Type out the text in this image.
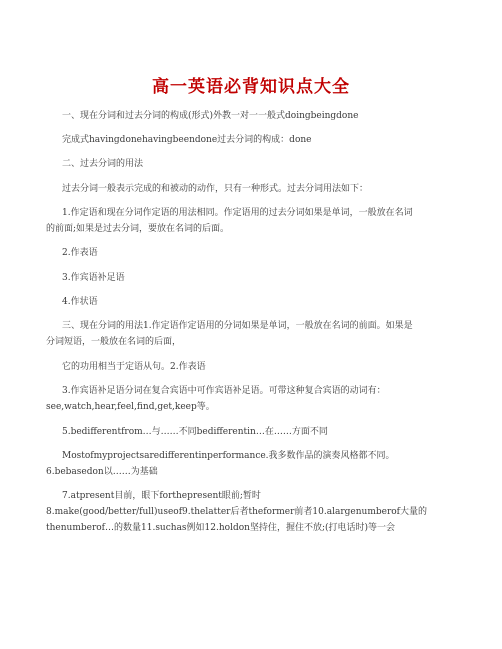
高一英语必背知识点大全

一、现在分词和过去分词的构成(形式)外教一对一一般式doingbeingdone

完成式havingdonehavingbeendone过去分词的构成：done

二、过去分词的用法

过去分词一般表示完成的和被动的动作，只有一种形式。过去分词用法如下：

1.作定语和现在分词作定语的用法相同。作定语用的过去分词如果是单词，一般放在名词

的前面;如果是过去分词，要放在名词的后面。

2.作表语

3.作宾语补足语

4.作状语

三、现在分词的用法1.作定语作定语用的分词如果是单词，一般放在名词的前面。如果是

分词短语，一般放在名词的后面，

它的功用相当于定语从句。2.作表语

3.作宾语补足语分词在复合宾语中可作宾语补足语。可带这种复合宾语的动词有：

see,watch,hear,feel,find,get,keep等。

5.bedifferentfrom…与……不同bedifferentin…在……方面不同

Mostofmyprojectsaredifferentinperformance.我多数作品的演奏风格都不同。

6.bebasedon以……为基础

7.atpresent目前，眼下forthepresent眼前;暂时

8.make(good/better/full)useof9.thelatter后者theformer前者10.alargenumberof大量的

thenumberof…的数量11.suchas例如12.holdon坚持住，握住不放;(打电话时)等一会
